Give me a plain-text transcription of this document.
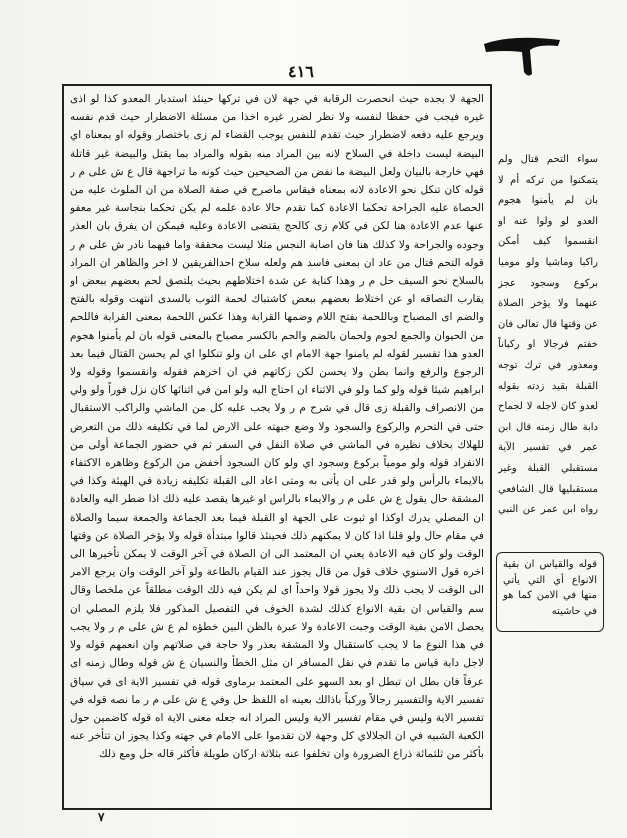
٤١٦

الجهة لا بجده حيث انحصرت الرقابة في جهة لان في تركها حينئذ استدبار المعدو كذا لو اذى غيره فيجب في حفظا لنفسه ولا نظر لضرر غيره اخذا من مسئلة الاضطرار حيث قدم نفسه ويرجع عليه دفعه لاضطرار حيث تقدم للنفس يوجب القضاء لم زى باختصار وقوله او بمعناه اي البيضة ليست داخلة في السلاح لانه بين المراد منه بقوله والمراد بما يقتل والبيضة غير قاتلة فهي خارجة بالبيان ولعل البيضة ما نفض من الصحيحين حيث كونه ما تراجهة قال ع ش على م ر قوله كان تنكل نحو الاعادة لانه بمعناه فيقاس ماصرح في صفة الصلاة من ان الملوث عليه من الحصاة عليه الجراحة تحكما الاعادة كما تقدم حالا عادة علمه لم يكن تحكما بنجاسة غير معفو عنها عدم الاعادة هنا لكن في كلام زى كالحج يقتضى الاعادة وعليه فيمكن ان يفرق بان العذر وجوده والجراحة ولا كذلك هنا فان اصابة النجس مثلا ليست محققة واما فيهما نادر ش على م ر قوله التحم قتال من عاد ان بمعنى فاسد هم ولعله سلاح احدالفريقين لا اخر والظاهر ان المراد بالسلاح نحو السيف حل م ر وهذا كناية عن شدة اختلاطهم بحيث يلتصق لحم بعضهم ببعض او يقارب التصاقه او عن اختلاط بعضهم ببعض كاشتباك لحمة الثوب بالسدى انتهت وقوله بالفتح والضم اى المصباح وباللحمة بفتح اللام وضمها القرابة وهذا عكس اللحمة بمعنى القرابة فاللحم من الحيوان والجمع لحوم ولحمان بالضم والحم بالكسر مصباح بالمعنى قوله بان لم يأمنوا هجوم العدو هذا تفسير لقوله لم يامنوا جهة الامام اي على ان ولو تنكلوا اي لم يحسن القتال فيما بعد الرجوع والرفع وانما بطن ولا يحسن لكن زكاتهم في ان اخرهم فقوله وانقسموا وقوله ولا ابراهيم شيئا قوله ولو كما ولو في الاثناء ان احتاج اليه ولو امن في اثنائها كان نزل فوراً ولو ولي من الانصراف والقبلة زى قال في شرح م ر ولا يجب عليه كل من الماشي والراكب الاستقبال حتى في التحرم والركوع والسجود ولا وضع جبهته على الارض لما في تكليفه ذلك من التعرض للهلاك بخلاف نظيره في الماشي في صلاة النفل في السفر ثم في حضور الجماعة أولى من الانفراد قوله ولو مومياً بركوع وسجود اي ولو كان السجود أخفض من الركوع وظاهره الاكتفاء بالايماء بالرأس ولو قدر على ان يأتى به ومتى اعاد الى القبلة تكليفه زيادة في الهيئة وكذا في المشقة حال يقول ع ش على م ر والايماء بالراس او غيرها يقصد عليه ذلك اذا ضطر اليه والعادة ان المصلي يدرك اوكذا او ثبوت على الجهة او القبلة فيما بعد الجماعة والجمعة سيما والصلاة في مقام حال ولو قلنا اذا كان لا يمكنهم ذلك فحينئذ قالوا مبتدأة قوله ولا يؤخر الصلاة عن وقتها الوقت ولو كان فيه الاعادة يعني ان المعتمد الى ان الصلاة في آخر الوقت لا يمكن تأخيرها الى اخره قول الاسنوي خلاف قول من قال يجوز عند القيام بالطاعة ولو آخر الوقت وان يرجع الامر الى الوقت لا يجب ذلك ولا يجوز قولا واحداً اى لم يكن فيه ذلك الوقت مطلقاً عن ملخصا وقال سم والقياس ان بقية الانواع كذلك لشدة الخوف في التفصيل المذكور فلا يلزم المصلي ان يحصل الامن بفية الوقت وجبت الاعادة ولا عبرة بالظن البين خطؤه لم ع ش على م ر ولا يجب في هذا النوع ما لا يجب كاستقبال ولا المشقة بعذر ولا حاجة في صلاتهم وان انعمهم قوله ولا لاجل دابة قياس ما تقدم في نقل المسافر ان مثل الخطأ والنسيان ع ش قوله وطال زمنه اى عرفاً فان بطل ان تبطل او بعد السهو على المعتمد برماوى قوله في تفسير الاية اى في سياق تفسير الاية والتفسير رجالاً وركباً باذالك بعينه اه اللفظ حل وفي ع ش على م ر ما نصه قوله في تفسير الاية وليس في مقام تفسير الاية وليس المراد انه جعله معنى الاية اه قوله كاضمين حول الكعبة الشبيه في ان الجلالاي كل وجهة لان تقدموا على الامام في جهته وكذا يجوز ان تتأخر عنه بأكثر من ثلثمائة ذراع الضرورة وان تخلفوا عنه بثلاثة اركان طويلة فأكثر قاله حل ومع ذلك

سواء التحم قتال ولم يتمكنوا من تركه أم لا بان لم يأمنوا هجوم العدو لو ولوا عنه او انقسموا كيف أمكن راكبا وماشيا ولو موميا بركوع وسجود عجز عنهما ولا يؤخر الصلاة عن وقتها قال تعالى فان خفتم فرجالا او ركباناً ومعذور في ترك توجه القبلة بقيد زدته بقوله لعدو كان لاجله لا لجماح دابة طال زمنه قال ابن عمر في تفسير الآية مستقبلي القبلة وغير مستقبليها قال الشافعي رواه ابن عمر عن النبي
قوله والقياس ان بقية الانواع أي التي يأتي منها في الامن كما هو في حاشيته
٧
